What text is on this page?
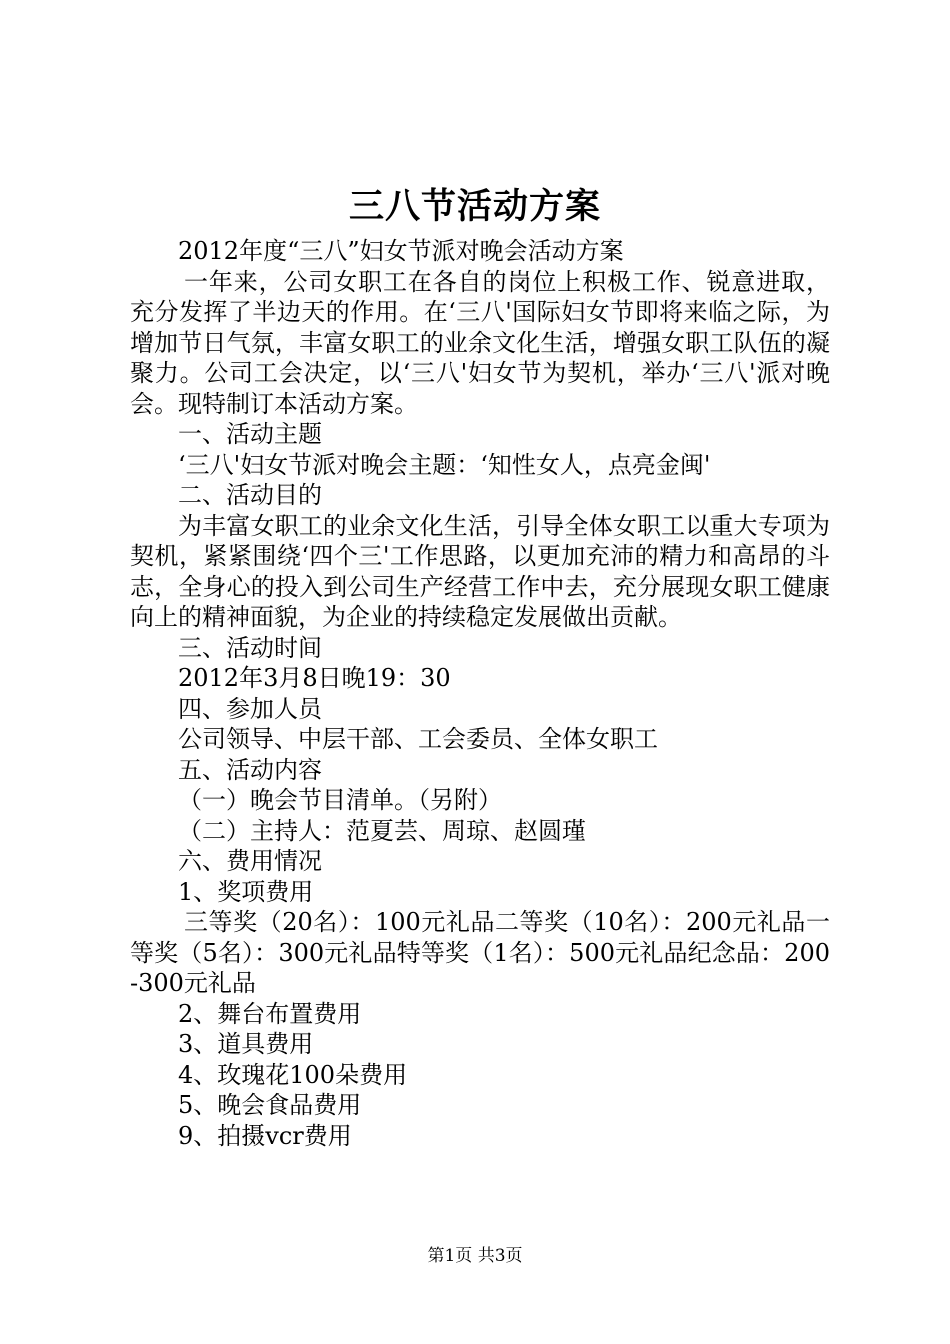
三八节活动方案

2012年度“三八”妇女节派对晚会活动方案

一年来，公司女职工在各自的岗位上积极工作、锐意进取，充分发挥了半边天的作用。在‘三八'国际妇女节即将来临之际，为增加节日气氛，丰富女职工的业余文化生活，增强女职工队伍的凝聚力。公司工会决定，以‘三八'妇女节为契机，举办‘三八'派对晚会。现特制订本活动方案。

一、活动主题

‘三八'妇女节派对晚会主题：‘知性女人，点亮金闽'

二、活动目的

为丰富女职工的业余文化生活，引导全体女职工以重大专项为契机，紧紧围绕‘四个三'工作思路，以更加充沛的精力和高昂的斗志，全身心的投入到公司生产经营工作中去，充分展现女职工健康向上的精神面貌，为企业的持续稳定发展做出贡献。

三、活动时间

2012年3月8日晚19：30

四、参加人员

公司领导、中层干部、工会委员、全体女职工

五、活动内容

（一）晚会节目清单。（另附）

（二）主持人：范夏芸、周琼、赵圆瑾

六、费用情况

1、奖项费用

三等奖（20名）：100元礼品二等奖（10名）：200元礼品一等奖（5名）：300元礼品特等奖（1名）：500元礼品纪念品：200-300元礼品

2、舞台布置费用

3、道具费用

4、玫瑰花100朵费用

5、晚会食品费用

9、拍摄vcr费用

第1页 共3页
